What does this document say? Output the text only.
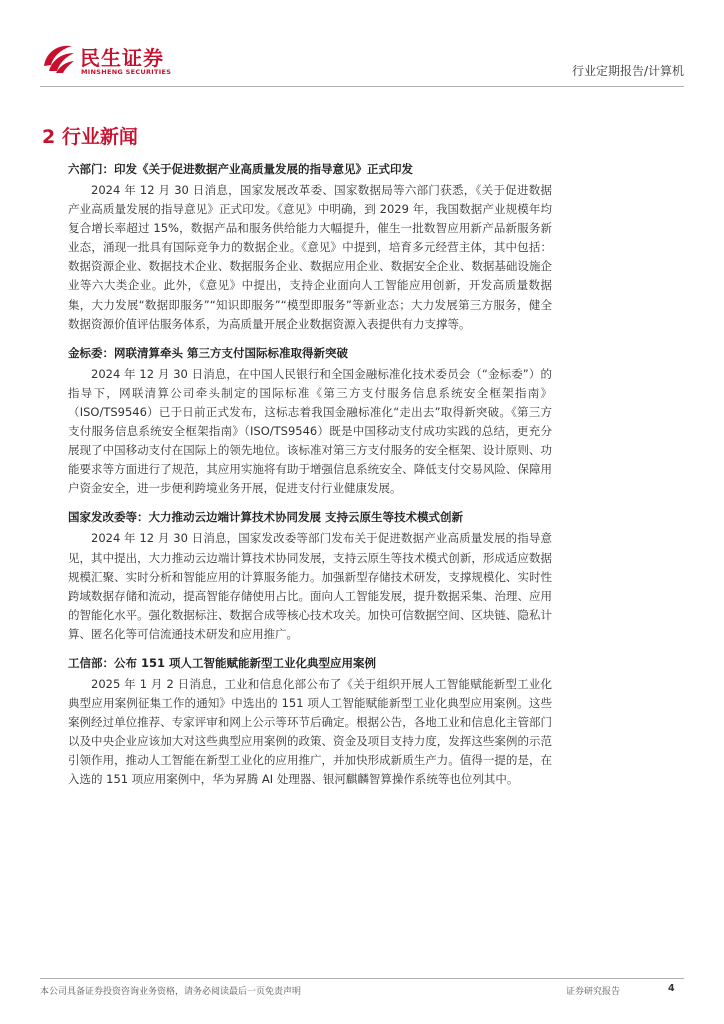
民生证券
MINSHENG SECURITIES	行业定期报告/计算机
2 行业新闻

六部门：印发《关于促进数据产业高质量发展的指导意见》正式印发

2024 年 12 月 30 日消息，国家发展改革委、国家数据局等六部门获悉，《关于促进数据产业高质量发展的指导意见》正式印发。《意见》中明确，到 2029 年，我国数据产业规模年均复合增长率超过 15%，数据产品和服务供给能力大幅提升，催生一批数智应用新产品新服务新业态，涌现一批具有国际竞争力的数据企业。《意见》中提到，培育多元经营主体，其中包括：数据资源企业、数据技术企业、数据服务企业、数据应用企业、数据安全企业、数据基础设施企业等六大类企业。此外，《意见》中提出，支持企业面向人工智能应用创新，开发高质量数据集，大力发展“数据即服务”“知识即服务”“模型即服务”等新业态；大力发展第三方服务，健全数据资源价值评估服务体系，为高质量开展企业数据资源入表提供有力支撑等。

金标委：网联清算牵头 第三方支付国际标准取得新突破

2024 年 12 月 30 日消息，在中国人民银行和全国金融标准化技术委员会（“金标委”）的指导下，网联清算公司牵头制定的国际标准《第三方支付服务信息系统安全框架指南》（ISO/TS9546）已于日前正式发布，这标志着我国金融标准化“走出去”取得新突破。《第三方支付服务信息系统安全框架指南》（ISO/TS9546）既是中国移动支付成功实践的总结，更充分展现了中国移动支付在国际上的领先地位。该标准对第三方支付服务的安全框架、设计原则、功能要求等方面进行了规范，其应用实施将有助于增强信息系统安全、降低支付交易风险、保障用户资金安全，进一步便利跨境业务开展，促进支付行业健康发展。

国家发改委等：大力推动云边端计算技术协同发展 支持云原生等技术模式创新

2024 年 12 月 30 日消息，国家发改委等部门发布关于促进数据产业高质量发展的指导意见，其中提出，大力推动云边端计算技术协同发展，支持云原生等技术模式创新，形成适应数据规模汇聚、实时分析和智能应用的计算服务能力。加强新型存储技术研发，支撑规模化、实时性跨域数据存储和流动，提高智能存储使用占比。面向人工智能发展，提升数据采集、治理、应用的智能化水平。强化数据标注、数据合成等核心技术攻关。加快可信数据空间、区块链、隐私计算、匿名化等可信流通技术研发和应用推广。

工信部：公布 151 项人工智能赋能新型工业化典型应用案例

2025 年 1 月 2 日消息，工业和信息化部公布了《关于组织开展人工智能赋能新型工业化典型应用案例征集工作的通知》中选出的 151 项人工智能赋能新型工业化典型应用案例。这些案例经过单位推荐、专家评审和网上公示等环节后确定。根据公告，各地工业和信息化主管部门以及中央企业应该加大对这些典型应用案例的政策、资金及项目支持力度，发挥这些案例的示范引领作用，推动人工智能在新型工业化的应用推广，并加快形成新质生产力。值得一提的是，在入选的 151 项应用案例中，华为昇腾 AI 处理器、银河麒麟智算操作系统等也位列其中。

本公司具备证券投资咨询业务资格，请务必阅读最后一页免责声明	证券研究报告	4
